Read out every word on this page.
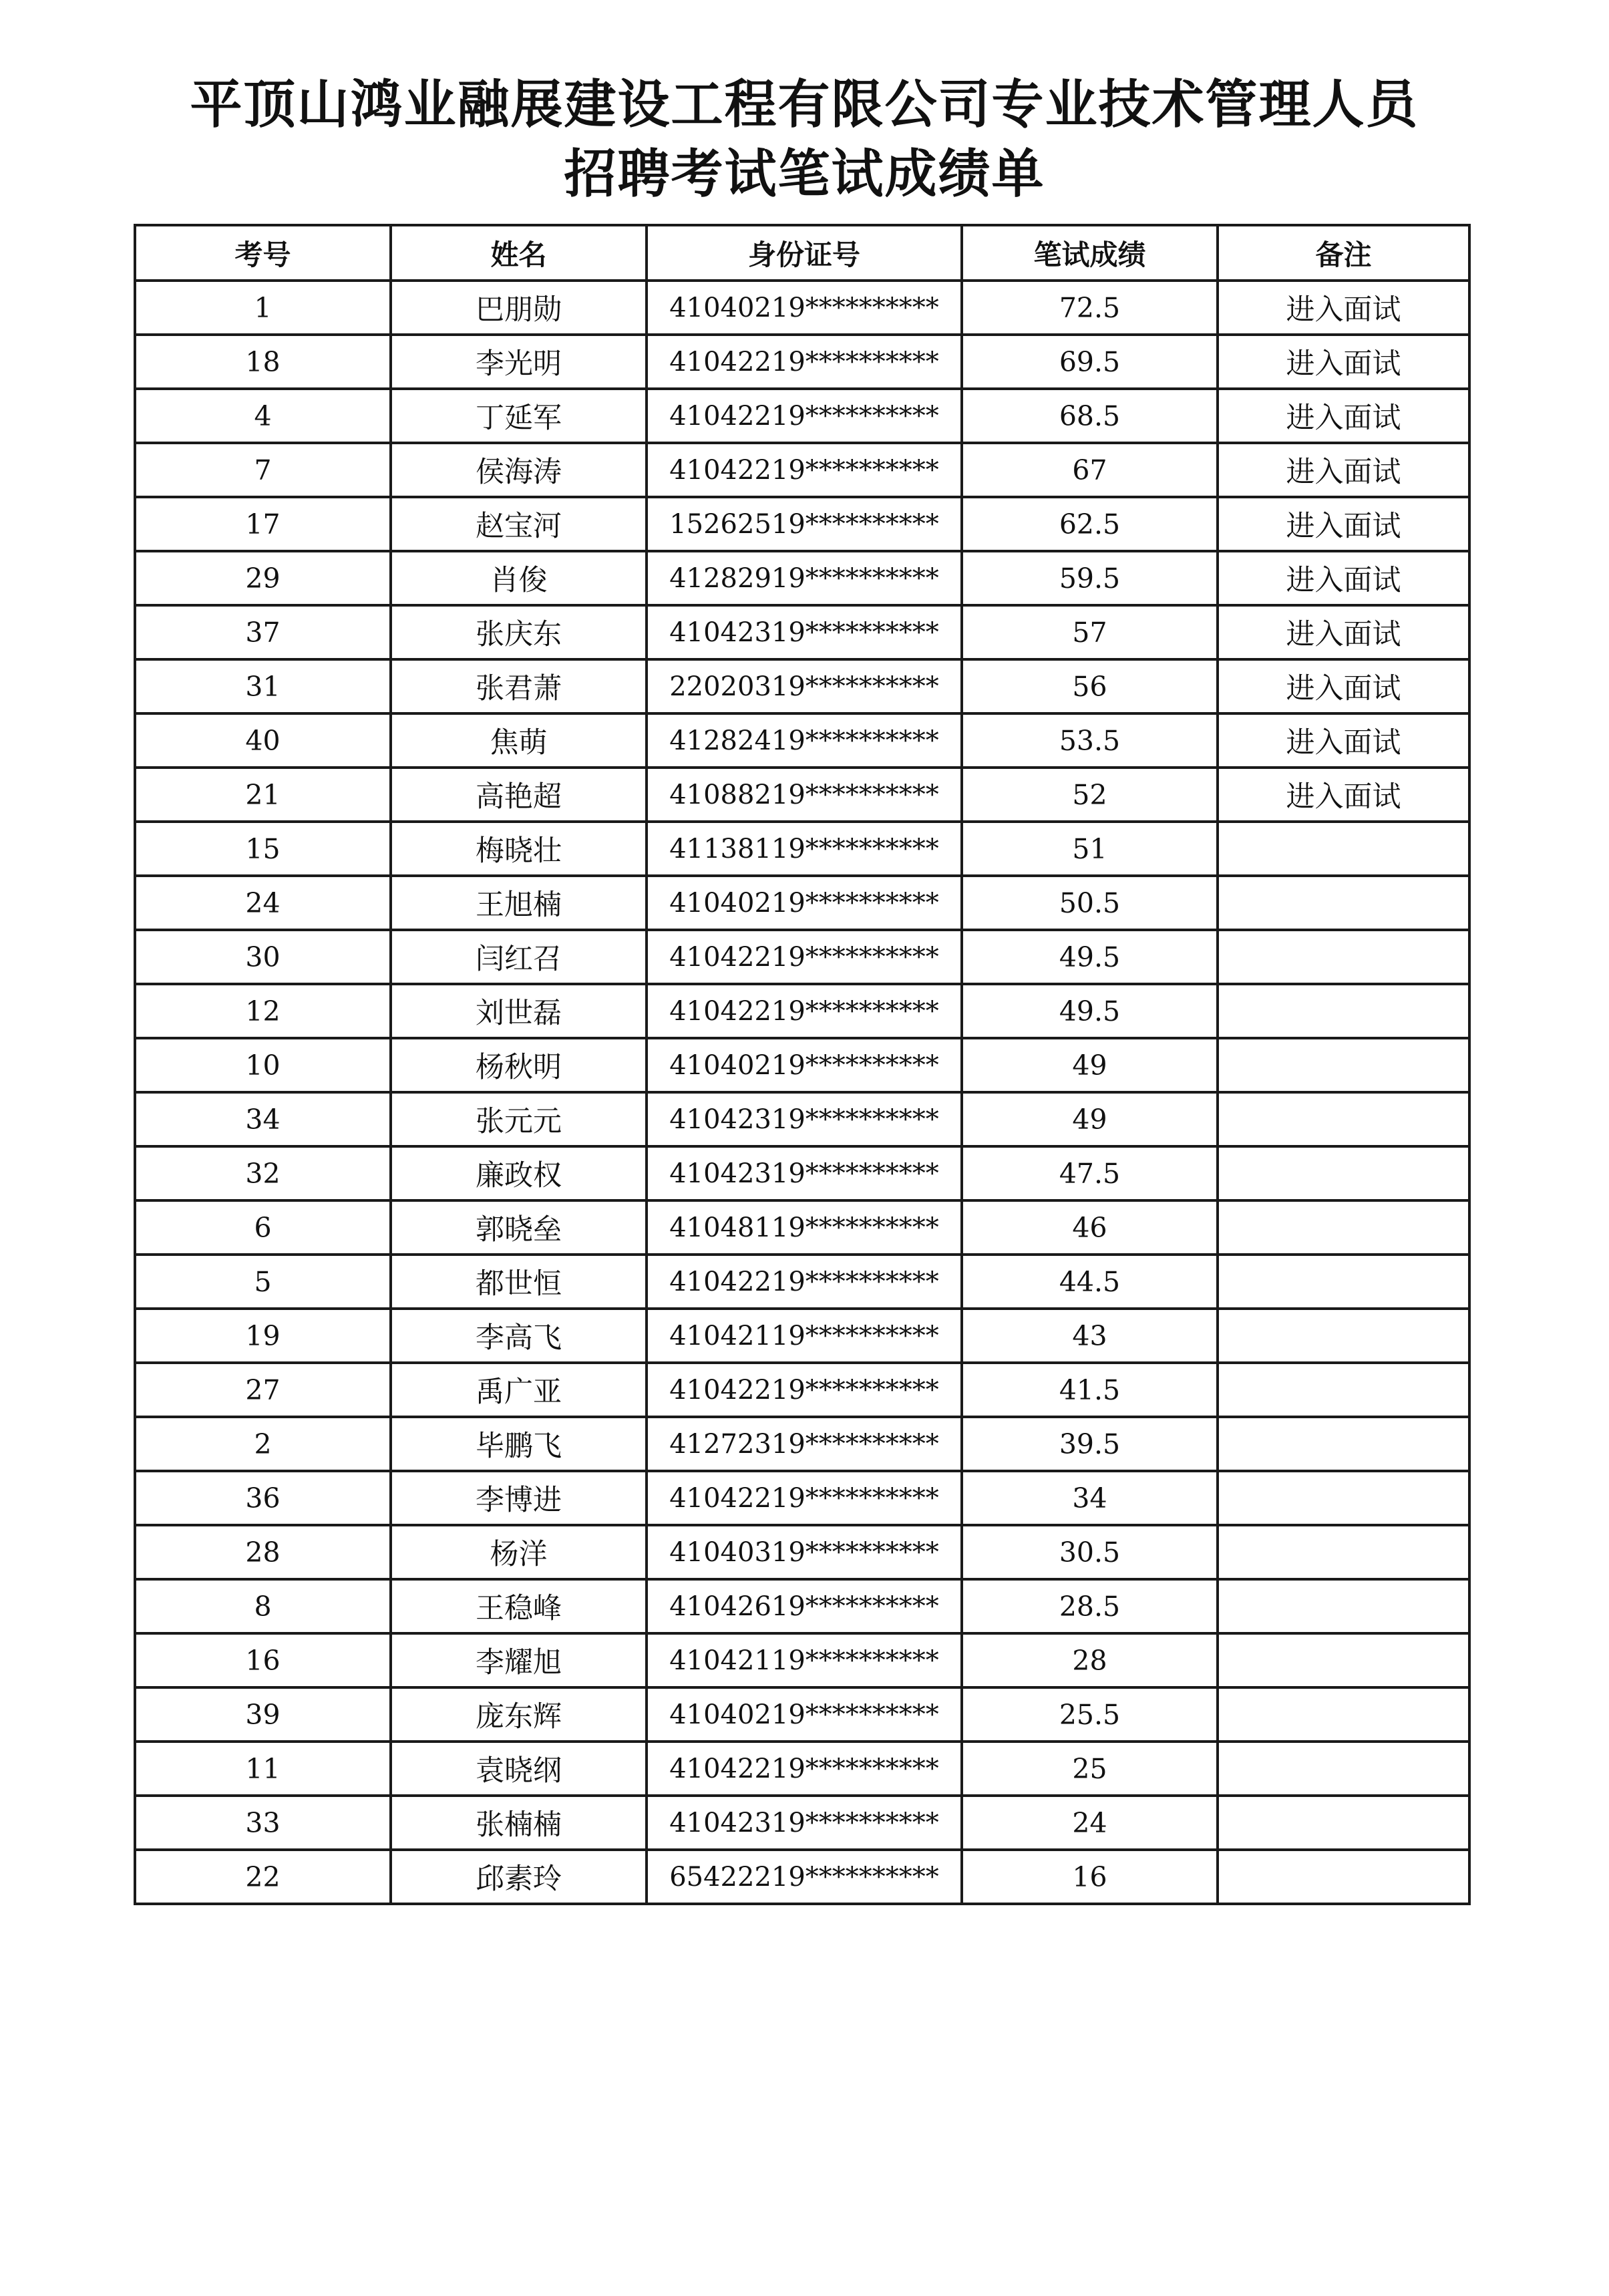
平顶山鸿业融展建设工程有限公司专业技术管理人员
招聘考试笔试成绩单
考号	姓名	身份证号	笔试成绩	备注
1	巴朋勋	41040219**********	72.5	进入面试
18	李光明	41042219**********	69.5	进入面试
4	丁延军	41042219**********	68.5	进入面试
7	侯海涛	41042219**********	67	进入面试
17	赵宝河	15262519**********	62.5	进入面试
29	肖俊	41282919**********	59.5	进入面试
37	张庆东	41042319**********	57	进入面试
31	张君萧	22020319**********	56	进入面试
40	焦萌	41282419**********	53.5	进入面试
21	高艳超	41088219**********	52	进入面试
15	梅晓壮	41138119**********	51	
24	王旭楠	41040219**********	50.5	
30	闫红召	41042219**********	49.5	
12	刘世磊	41042219**********	49.5	
10	杨秋明	41040219**********	49	
34	张元元	41042319**********	49	
32	廉政权	41042319**********	47.5	
6	郭晓垒	41048119**********	46	
5	都世恒	41042219**********	44.5	
19	李高飞	41042119**********	43	
27	禹广亚	41042219**********	41.5	
2	毕鹏飞	41272319**********	39.5	
36	李博进	41042219**********	34	
28	杨洋	41040319**********	30.5	
8	王稳峰	41042619**********	28.5	
16	李耀旭	41042119**********	28	
39	庞东辉	41040219**********	25.5	
11	袁晓纲	41042219**********	25	
33	张楠楠	41042319**********	24	
22	邱素玲	65422219**********	16	
